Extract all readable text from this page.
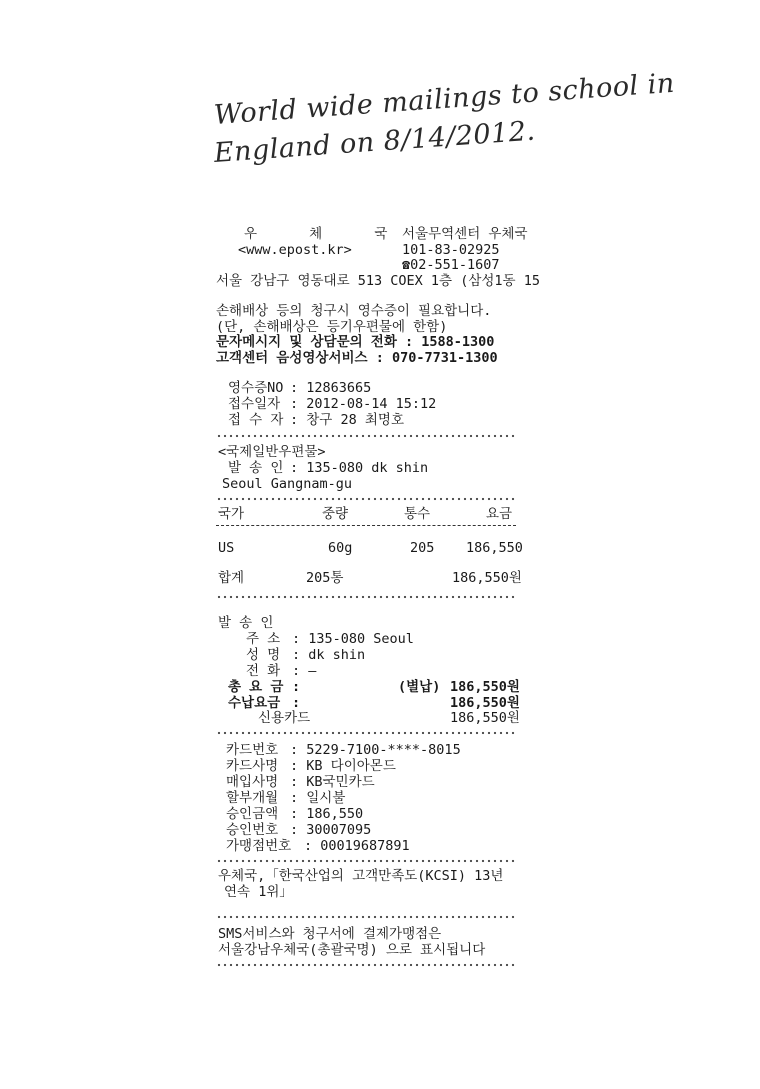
World wide mailings to school in
England on 8/14/2012.
우 체 국
서울무역센터 우체국
<www.epost.kr>	101-83-02925
☎02-551-1607
서울 강남구 영동대로 513 COEX 1층 (삼성1동 15
손해배상 등의 청구시 영수증이 필요합니다.
(단, 손해배상은 등기우편물에 한함)
문자메시지 및 상담문의 전화 : 1588-1300
고객센터 음성영상서비스 : 070-7731-1300
영수증NO : 12863665
접수일자 : 2012-08-14 15:12
접 수 자 : 창구 28 최명호
<국제일반우편물>
발 송 인 : 135-080 dk shin
Seoul Gangnam-gu
국가	중량	통수	요금
US	60g	205 186,550
합계	205통	186,550원
발 송 인
주 소 : 135-080 Seoul
성 명 : dk shin
전 화 : —
총 요 금 :	(별납) 186,550원
수납요금 :	186,550원
신용카드	186,550원
카드번호 : 5229-7100-****-8015
카드사명 : KB 다이아몬드
매입사명 : KB국민카드
할부개월 : 일시불
승인금액 : 186,550
승인번호 : 30007095
가맹점번호 : 00019687891
우체국,「한국산업의 고객만족도(KCSI) 13년
연속 1위」
SMS서비스와 청구서에 결제가맹점은
서울강남우체국(총괄국명) 으로 표시됩니다
